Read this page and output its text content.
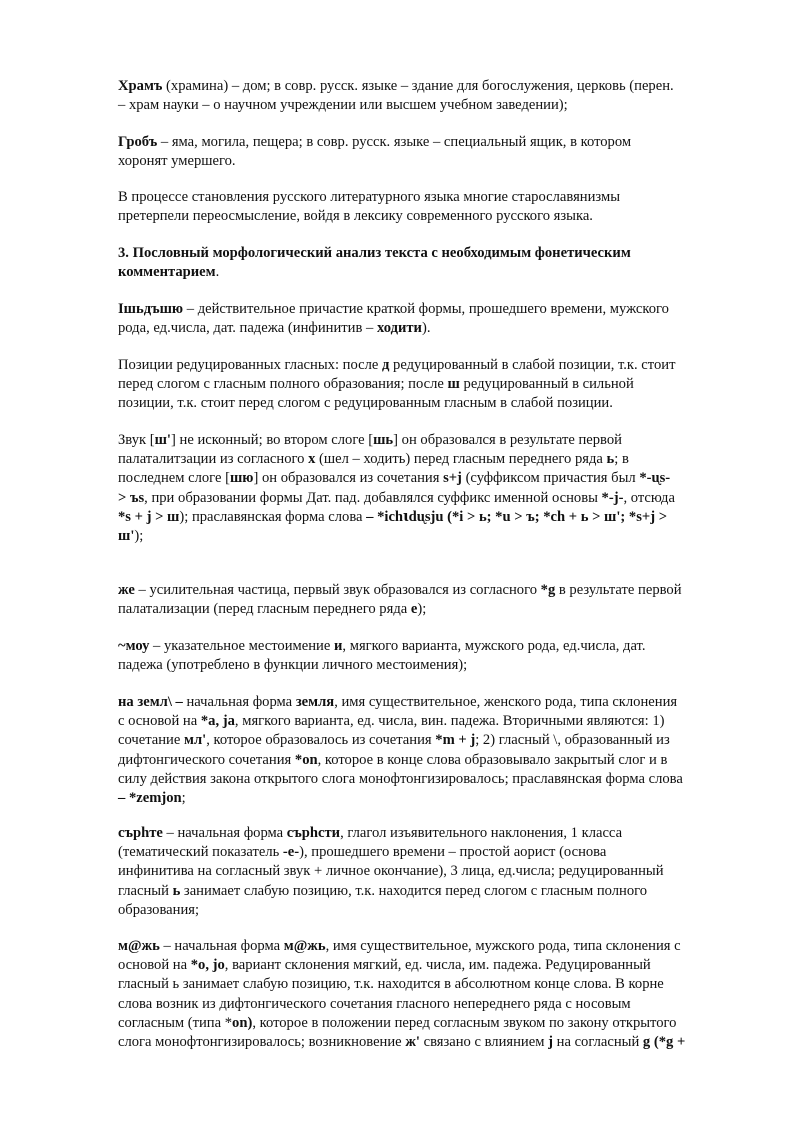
Храмъ (храмина) – дом; в совр. русск. языке – здание для богослужения, церковь (перен.
– храм науки – о научном учреждении или высшем учебном заведении);
Гробъ – яма, могила, пещера; в совр. русск. языке – специальный ящик, в котором
хоронят умершего.
В процессе становления русского литературного языка многие старославянизмы
претерпели переосмысление, войдя в лексику современного русского языка.
3. Пословный морфологический анализ текста с необходимым фонетическим
комментарием.
Ішьдъшю – действительное причастие краткой формы, прошедшего времени, мужского
рода, ед.числа, дат. падежа (инфинитив – ходити).
Позиции редуцированных гласных: после д редуцированный в слабой позиции, т.к. стоит
перед слогом с гласным полного образования; после ш редуцированный в сильной
позиции, т.к. стоит перед слогом с редуцированным гласным в слабой позиции.
Звук [ш'] не исконный; во втором слоге [шь] он образовался в результате первой
палаталитзации из согласного х (шел – ходить) перед гласным переднего ряда ь; в
последнем слоге [шю] он образовался из сочетания s+j (суффиксом причастия был *-ᶙs-
> ъs, при образовании формы Дат. пад. добавлялся суффикс именной основы *-j-, отсюда
*s + j > ш); праславянская форма слова – *ichꙇdᶙsju (*i > ь; *u > ъ; *ch + ь > ш'; *s+j >
ш');
же – усилительная частица, первый звук образовался из согласного *g в результате первой
палатализации (перед гласным переднего ряда е);
~моу – указательное местоимение и, мягкого варианта, мужского рода, ед.числа, дат.
падежа (употреблено в функции личного местоимения);
на земл\ – начальная форма земля, имя существительное, женского рода, типа склонения
с основой на *а, ja, мягкого варианта, ед. числа, вин. падежа. Вторичными являются: 1)
сочетание мл', которое образовалось из сочетания *m + j; 2) гласный \, образованный из
дифтонгического сочетания *on, которое в конце слова образовывало закрытый слог и в
силу действия закона открытого слога монофтонгизировалось; праславянская форма слова
– *zemjon;
сърhте – начальная форма сърhсти, глагол изъявительного наклонения, 1 класса
(тематический показатель -е-), прошедшего времени – простой аорист (основа
инфинитива на согласный звук + личное окончание), 3 лица, ед.числа; редуцированный
гласный ь занимает слабую позицию, т.к. находится перед слогом с гласным полного
образования;
м@жь – начальная форма м@жь, имя существительное, мужского рода, типа склонения с
основой на *o, jo, вариант склонения мягкий, ед. числа, им. падежа. Редуцированный
гласный ь занимает слабую позицию, т.к. находится в абсолютном конце слова. В корне
слова возник из дифтонгического сочетания гласного непереднего ряда с носовым
согласным (типа *on), которое в положении перед согласным звуком по закону открытого
слога монофтонгизировалось; возникновение ж' связано с влиянием j на согласный g (*g +
